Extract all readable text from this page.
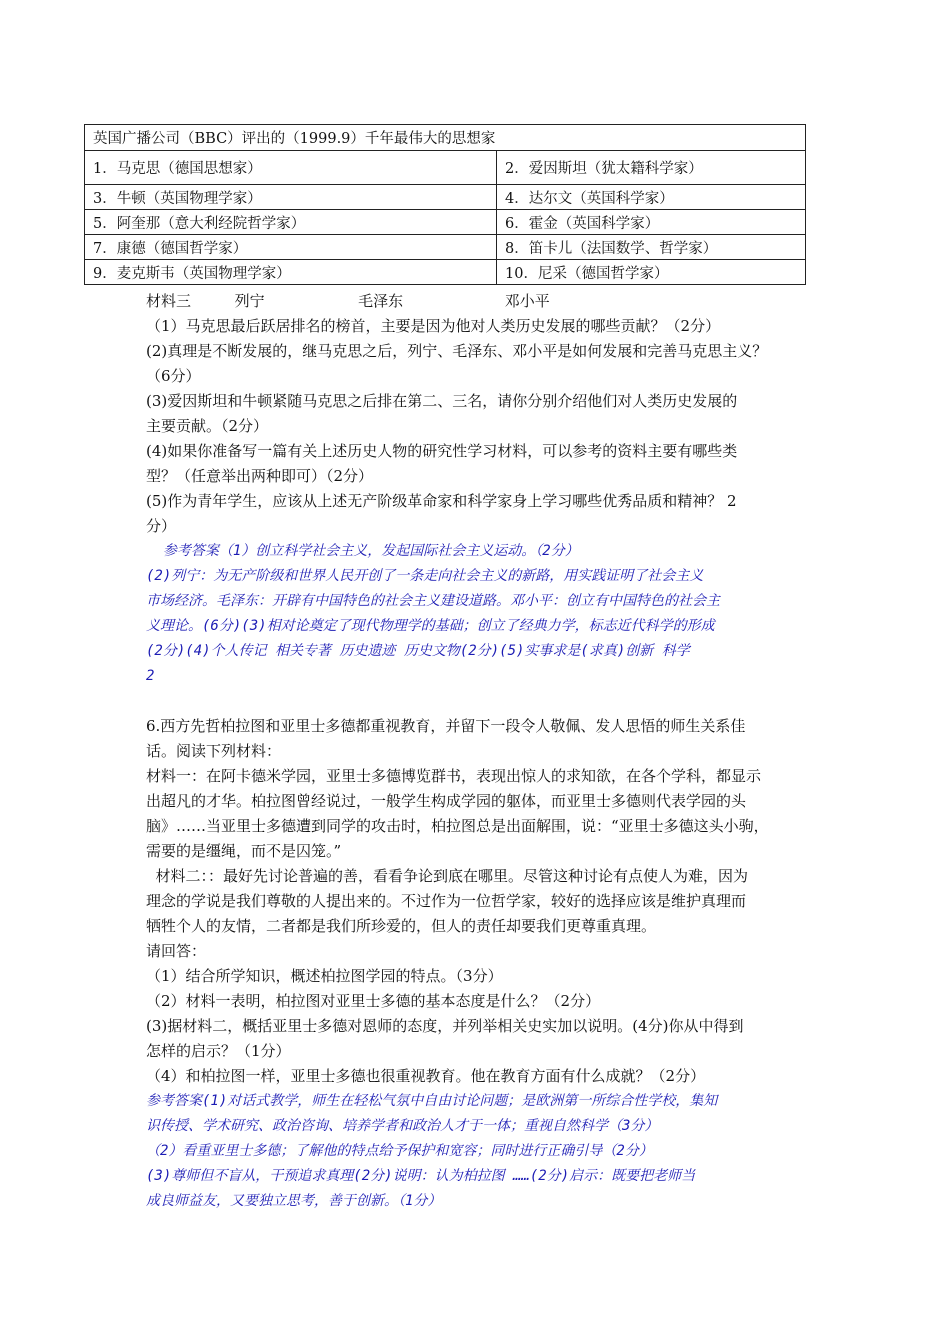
英国广播公司（BBC）评出的（1999.9）千年最伟大的思想家	
1．马克思（德国思想家）	2．爱因斯坦（犹太籍科学家）
3．牛顿（英国物理学家）	4．达尔文（英国科学家）
5．阿奎那（意大利经院哲学家）	6．霍金（英国科学家）
7．康德（德国哲学家）	8．笛卡儿（法国数学、哲学家）
9．麦克斯韦（英国物理学家）	10．尼采（德国哲学家）
材料三	列宁	毛泽东	邓小平
（1）马克思最后跃居排名的榜首，主要是因为他对人类历史发展的哪些贡献？（2分）
(2)真理是不断发展的，继马克思之后，列宁、毛泽东、邓小平是如何发展和完善马克思主义？
（6分）
(3)爱因斯坦和牛顿紧随马克思之后排在第二、三名，请你分别介绍他们对人类历史发展的
主要贡献。（2分）
(4)如果你准备写一篇有关上述历史人物的研究性学习材料，可以参考的资料主要有哪些类
型？（任意举出两种即可）（2分）
(5)作为青年学生，应该从上述无产阶级革命家和科学家身上学习哪些优秀品质和精神？ 2
分）
参考答案（1）创立科学社会主义，发起国际社会主义运动。（2分）
(2)列宁：为无产阶级和世界人民开创了一条走向社会主义的新路，用实践证明了社会主义
市场经济。毛泽东：开辟有中国特色的社会主义建设道路。邓小平：创立有中国特色的社会主
义理论。(6分)(3)相对论奠定了现代物理学的基础；创立了经典力学，标志近代科学的形成
(2分)(4)个人传记 相关专著 历史遗迹 历史文物(2分)(5)实事求是(求真)创新 科学
2
6.西方先哲柏拉图和亚里士多德都重视教育，并留下一段令人敬佩、发人思悟的师生关系佳
话。阅读下列材料：
材料一：在阿卡德米学园，亚里士多德博览群书，表现出惊人的求知欲，在各个学科，都显示
出超凡的才华。柏拉图曾经说过，一般学生构成学园的躯体，而亚里士多德则代表学园的头
脑》……当亚里士多德遭到同学的攻击时，柏拉图总是出面解围，说：“亚里士多德这头小驹，
需要的是缰绳，而不是囚笼。”
材料二：：最好先讨论普遍的善，看看争论到底在哪里。尽管这种讨论有点使人为难，因为
理念的学说是我们尊敬的人提出来的。不过作为一位哲学家，较好的选择应该是维护真理而
牺牲个人的友情，二者都是我们所珍爱的，但人的责任却要我们更尊重真理。
请回答：
（1）结合所学知识，概述柏拉图学园的特点。（3分）
（2）材料一表明，柏拉图对亚里士多德的基本态度是什么？（2分）
(3)据材料二，概括亚里士多德对恩师的态度，并列举相关史实加以说明。(4分)你从中得到
怎样的启示？（1分）
（4）和柏拉图一样，亚里士多德也很重视教育。他在教育方面有什么成就？（2分）
参考答案(1)对话式教学，师生在轻松气氛中自由讨论问题；是欧洲第一所综合性学校，集知
识传授、学术研究、政治咨询、培养学者和政治人才于一体；重视自然科学（3分）
（2）看重亚里士多德；了解他的特点给予保护和宽容；同时进行正确引导（2分）
(3)尊师但不盲从，干预追求真理(2分)说明：认为柏拉图 ……(2分)启示：既要把老师当
成良师益友，又要独立思考，善于创新。（1分）
